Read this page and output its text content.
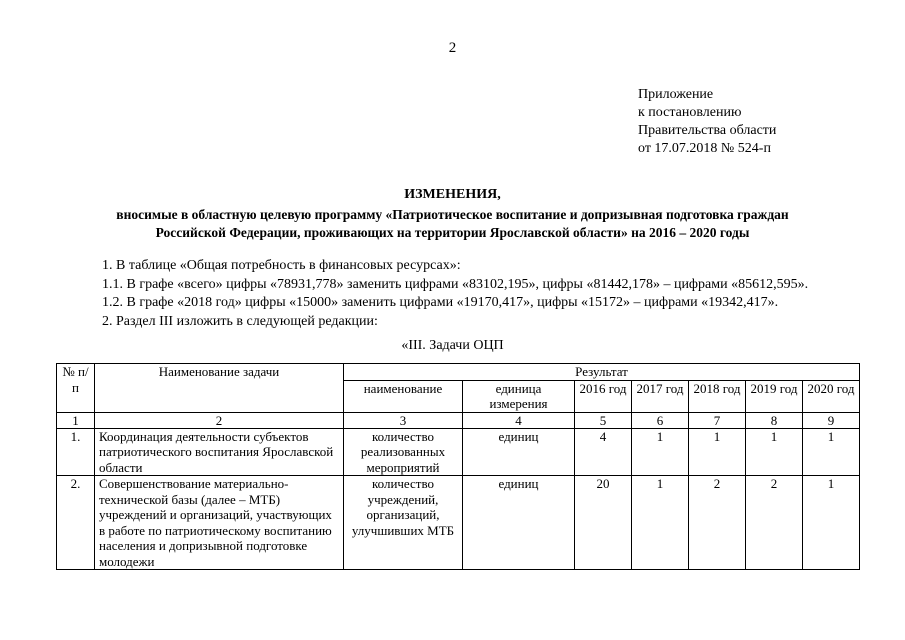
2
Приложение
к постановлению
Правительства области
от 17.07.2018 № 524-п
ИЗМЕНЕНИЯ,
вносимые в областную целевую программу «Патриотическое воспитание и допризывная подготовка граждан
Российской Федерации, проживающих на территории Ярославской области» на 2016 – 2020 годы
1. В таблице «Общая потребность в финансовых ресурсах»:
1.1. В графе «всего» цифры «78931,778» заменить цифрами «83102,195», цифры «81442,178» – цифрами «85612,595».
1.2. В графе «2018 год» цифры «15000» заменить цифрами «19170,417», цифры «15172» – цифрами «19342,417».
2. Раздел III изложить в следующей редакции:
«III. Задачи ОЦП
№ п/п	Наименование задачи	Результат						
		наименование	единица измерения	2016 год	2017 год	2018 год	2019 год	2020 год
1	2	3	4	5	6	7	8	9
1.	Координация деятельности субъектов патриотического воспитания Ярославской области	количество реализованных мероприятий	единиц	4	1	1	1	1
2.	Совершенствование материально-технической базы (далее – МТБ) учреждений и организаций, участвующих в работе по патриотическому воспитанию населения и допризывной подготовке молодежи	количество учреждений, организаций, улучшивших МТБ	единиц	20	1	2	2	1
